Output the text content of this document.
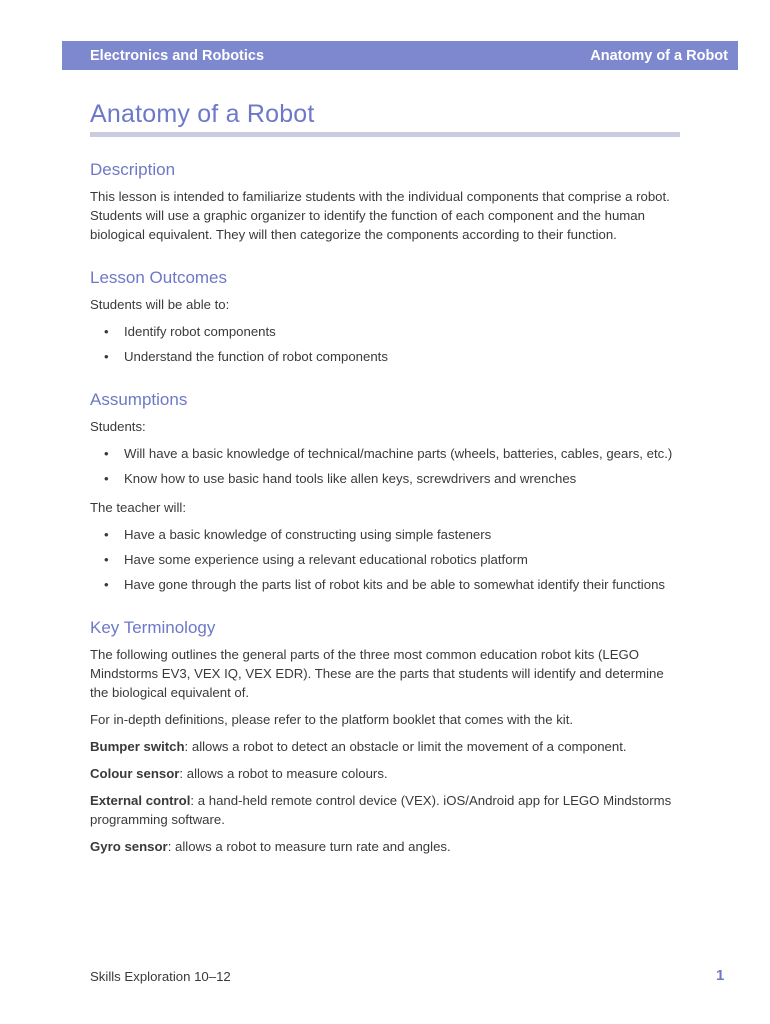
Electronics and Robotics	Anatomy of a Robot
Anatomy of a Robot
Description

This lesson is intended to familiarize students with the individual components that comprise a robot. Students will use a graphic organizer to identify the function of each component and the human biological equivalent. They will then categorize the components according to their function.

Lesson Outcomes

Students will be able to:

• Identify robot components
• Understand the function of robot components
Assumptions

Students:

• Will have a basic knowledge of technical/machine parts (wheels, batteries, cables, gears, etc.)
• Know how to use basic hand tools like allen keys, screwdrivers and wrenches

The teacher will:

• Have a basic knowledge of constructing using simple fasteners
• Have some experience using a relevant educational robotics platform
• Have gone through the parts list of robot kits and be able to somewhat identify their functions
Key Terminology

The following outlines the general parts of the three most common education robot kits (LEGO Mindstorms EV3, VEX IQ, VEX EDR). These are the parts that students will identify and determine the biological equivalent of.

For in-depth definitions, please refer to the platform booklet that comes with the kit.

Bumper switch: allows a robot to detect an obstacle or limit the movement of a component.

Colour sensor: allows a robot to measure colours.

External control: a hand-held remote control device (VEX). iOS/Android app for LEGO Mindstorms programming software.

Gyro sensor: allows a robot to measure turn rate and angles.

Skills Exploration 10–12	1
